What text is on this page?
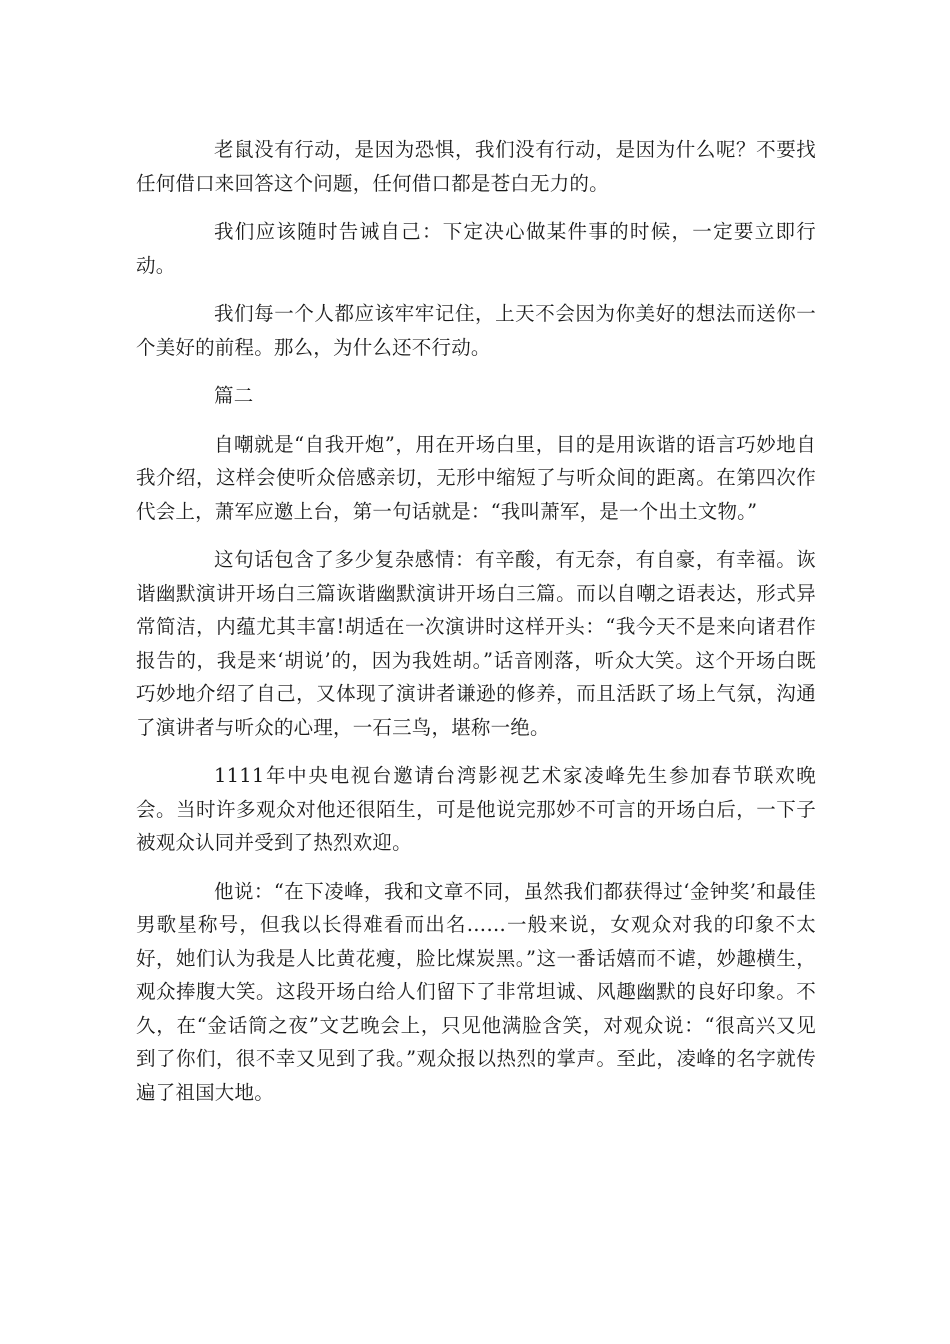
老鼠没有行动，是因为恐惧，我们没有行动，是因为什么呢？不要找任何借口来回答这个问题，任何借口都是苍白无力的。

我们应该随时告诫自己：下定决心做某件事的时候，一定要立即行动。

我们每一个人都应该牢牢记住，上天不会因为你美好的想法而送你一个美好的前程。那么，为什么还不行动。

篇二

自嘲就是“自我开炮”，用在开场白里，目的是用诙谐的语言巧妙地自我介绍，这样会使听众倍感亲切，无形中缩短了与听众间的距离。在第四次作代会上，萧军应邀上台，第一句话就是：“我叫萧军，是一个出土文物。”

这句话包含了多少复杂感情：有辛酸，有无奈，有自豪，有幸福。诙谐幽默演讲开场白三篇诙谐幽默演讲开场白三篇。而以自嘲之语表达，形式异常简洁，内蕴尤其丰富!胡适在一次演讲时这样开头：“我今天不是来向诸君作报告的，我是来‘胡说’的，因为我姓胡。”话音刚落，听众大笑。这个开场白既巧妙地介绍了自己，又体现了演讲者谦逊的修养，而且活跃了场上气氛，沟通了演讲者与听众的心理，一石三鸟，堪称一绝。

1111年中央电视台邀请台湾影视艺术家凌峰先生参加春节联欢晚会。当时许多观众对他还很陌生，可是他说完那妙不可言的开场白后，一下子被观众认同并受到了热烈欢迎。

他说：“在下凌峰，我和文章不同，虽然我们都获得过‘金钟奖’和最佳男歌星称号，但我以长得难看而出名……一般来说，女观众对我的印象不太好，她们认为我是人比黄花瘦，脸比煤炭黑。”这一番话嬉而不谑，妙趣横生，观众捧腹大笑。这段开场白给人们留下了非常坦诚、风趣幽默的良好印象。不久，在“金话筒之夜”文艺晚会上，只见他满脸含笑，对观众说：“很高兴又见到了你们，很不幸又见到了我。”观众报以热烈的掌声。至此，凌峰的名字就传遍了祖国大地。
